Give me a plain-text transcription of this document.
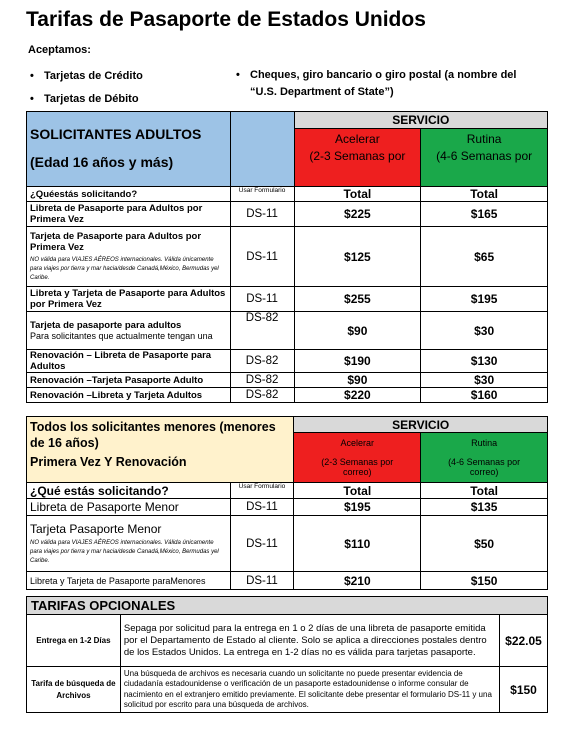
Tarifas de Pasaporte de Estados Unidos
Aceptamos:
• Tarjetas de Crédito
• Tarjetas de Débito
• Cheques, giro bancario o giro postal (a nombre del
“U.S. Department of State”)
SOLICITANTES ADULTOS
(Edad 16 años y más)		SERVICIO	
		Acelerar	Rutina
		(2-3 Semanas por	(4-6 Semanas por
¿Quéestás solicitando?	Usar Formulario	Total	Total
Libreta de Pasaporte para Adultos por Primera Vez	DS-11	$225	$165

Tarjeta de Pasaporte para Adultos por Primera Vez
NO válida para VIAJES AÉREOS internacionales. Válida únicamente para viajes por tierra y mar hacia/desde Canadá,México, Bermudas yel Caribe.	DS-11	$125	$65
Libreta y Tarjeta de Pasaporte para Adultos por Primera Vez	DS-11	$255	$195

Tarjeta de pasaporte para adultos
Para solicitantes que actualmente tengan una	DS-82	$90	$30
Renovación – Libreta de Pasaporte para Adultos	DS-82	$190	$130
Renovación –Tarjeta Pasaporte Adulto	DS-82	$90	$30
Renovación –Libreta y Tarjeta Adultos	DS-82	$220	$160
Todos los solicitantes menores (menores de 16 años)
Primera Vez Y Renovación		SERVICIO	
		Acelerar	Rutina
		(2-3 Semanas por correo)	(4-6 Semanas por correo)
¿Qué estás solicitando?	Usar Formulario	Total	Total
Libreta de Pasaporte Menor	DS-11	$195	$135

Tarjeta Pasaporte Menor
NO válida para VIAJES AÉREOS internacionales. Válida únicamente para viajes por tierra y mar hacia/desde Canadá,México, Bermudas yel Caribe.	DS-11	$110	$50
Libreta y Tarjeta de Pasaporte paraMenores	DS-11	$210	$150
TARIFAS OPCIONALES		
Entrega en 1-2 Días	Sepaga por solicitud para la entrega en 1 o 2 días de una libreta de pasaporte emitida por el Departamento de Estado al cliente. Solo se aplica a direcciones postales dentro de los Estados Unidos. La entrega en 1-2 días no es válida para tarjetas pasaporte.	$22.05
Tarifa de búsqueda de Archivos	Una búsqueda de archivos es necesaria cuando un solicitante no puede presentar evidencia de ciudadanía estadounidense o verificación de un pasaporte estadounidense o informe consular de nacimiento en el extranjero emitido previamente. El solicitante debe presentar el formulario DS-11 y una solicitud por escrito para una búsqueda de archivos.	$150
